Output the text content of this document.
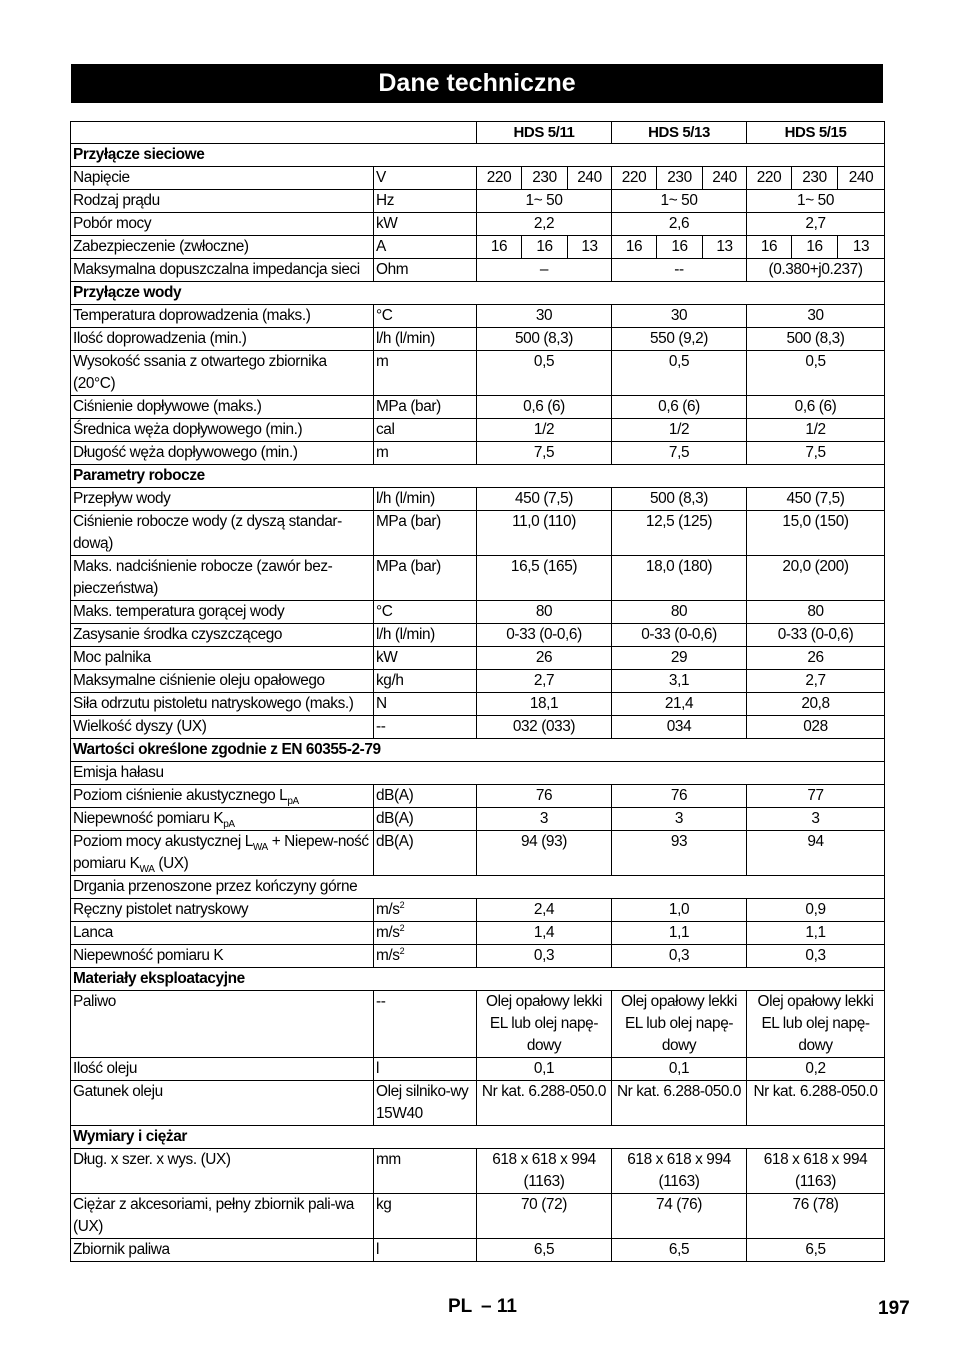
Dane techniczne
		HDS 5/11			HDS 5/13			HDS 5/15		
Przyłącze sieciowe										
Napięcie	V	220	230	240	220	230	240	220	230	240
Rodzaj prądu	Hz	1~ 50			1~ 50			1~ 50		
Pobór mocy	kW	2,2			2,6			2,7		
Zabezpieczenie (zwłoczne)	A	16	16	13	16	16	13	16	16	13
Maksymalna dopuszczalna impedancja sieci	Ohm	–			--			(0.380+j0.237)		
Przyłącze wody										
Temperatura doprowadzenia (maks.)	°C	30			30			30		
Ilość doprowadzenia (min.)	l/h (l/min)	500 (8,3)			550 (9,2)			500 (8,3)		
Wysokość ssania z otwartego zbiornika (20°C)	m	0,5			0,5			0,5		
Ciśnienie dopływowe (maks.)	MPa (bar)	0,6 (6)			0,6 (6)			0,6 (6)		
Średnica węża dopływowego (min.)	cal	1/2			1/2			1/2		
Długość węża dopływowego (min.)	m	7,5			7,5			7,5		
Parametry robocze										
Przepływ wody	l/h (l/min)	450 (7,5)			500 (8,3)			450 (7,5)		
Ciśnienie robocze wody (z dyszą standar-dową)	MPa (bar)	11,0 (110)			12,5 (125)			15,0 (150)		
Maks. nadciśnienie robocze (zawór bez-pieczeństwa)	MPa (bar)	16,5 (165)			18,0 (180)			20,0 (200)		
Maks. temperatura gorącej wody	°C	80			80			80		
Zasysanie środka czyszczącego	l/h (l/min)	0-33 (0-0,6)			0-33 (0-0,6)			0-33 (0-0,6)		
Moc palnika	kW	26			29			26		
Maksymalne ciśnienie oleju opałowego	kg/h	2,7			3,1			2,7		
Siła odrzutu pistoletu natryskowego (maks.)	N	18,1			21,4			20,8		
Wielkość dyszy (UX)	--	032 (033)			034			028		
Wartości określone zgodnie z EN 60355-2-79										
Emisja hałasu										
Poziom ciśnienie akustycznego $L_{pA}$	dB(A)	76			76			77		
Niepewność pomiaru $K_{pA}$	dB(A)	3			3			3		
Poziom mocy akustycznej $L_{WA}$ + Niepew-ność pomiaru $K_{WA}$ (UX)	dB(A)	94 (93)			93			94		
Drgania przenoszone przez kończyny górne										
Ręczny pistolet natryskowy	$m/s^2$	2,4			1,0			0,9		
Lanca	$m/s^2$	1,4			1,1			1,1		
Niepewność pomiaru K	$m/s^2$	0,3			0,3			0,3		
Materiały eksploatacyjne										
Paliwo	--	Olej opałowy lekki EL lub olej napę-dowy			Olej opałowy lekki EL lub olej napę-dowy			Olej opałowy lekki EL lub olej napę-dowy		
Ilość oleju	l	0,1			0,1			0,2		
Gatunek oleju	Olej silniko-wy 15W40	Nr kat. 6.288-050.0			Nr kat. 6.288-050.0			Nr kat. 6.288-050.0		
Wymiary i ciężar										
Dług. x szer. x wys. (UX)	mm	618 x 618 x 994 (1163)			618 x 618 x 994 (1163)			618 x 618 x 994 (1163)		
Ciężar z akcesoriami, pełny zbiornik pali-wa (UX)	kg	70 (72)			74 (76)			76 (78)		
Zbiornik paliwa	l	6,5			6,5			6,5		
PL – 11	197
